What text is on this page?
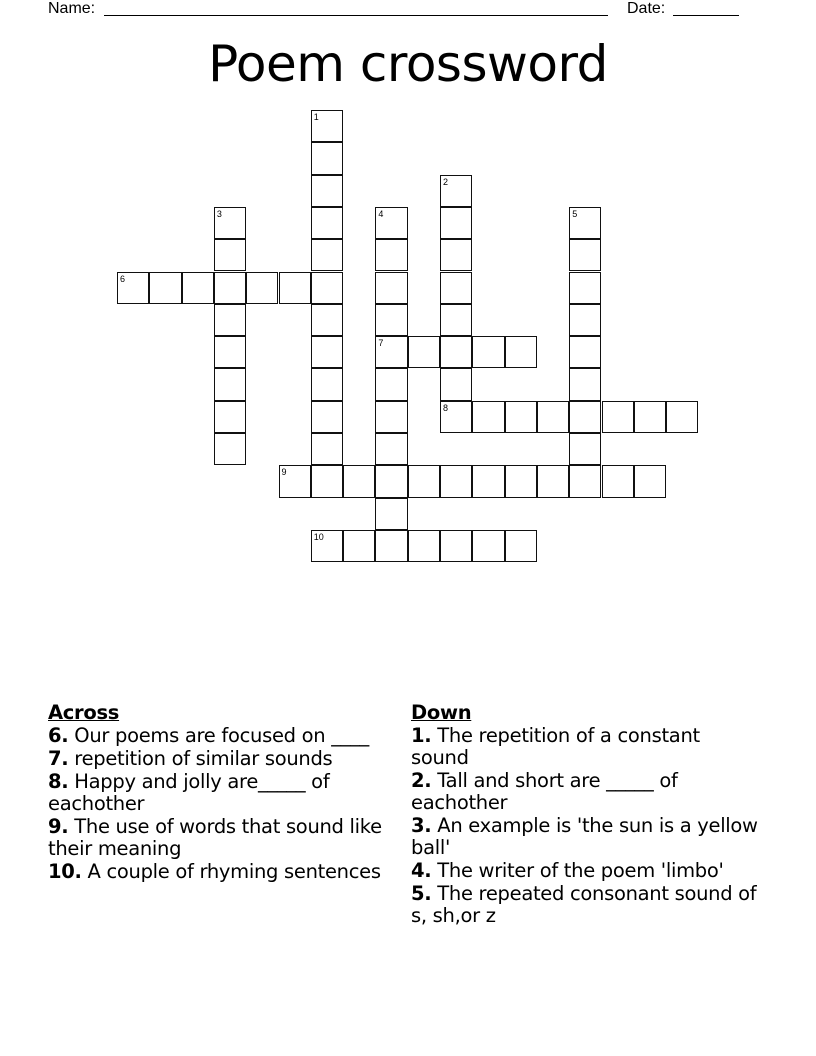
Name:	Date:
Poem crossword
1
2
3	4
7
5
6
8
9
10
Across
6. Our poems are focused on ____
7. repetition of similar sounds
8. Happy and jolly are_____ of eachother
9. The use of words that sound like their meaning
10. A couple of rhyming sentences
Down
1. The repetition of a constant sound
2. Tall and short are _____ of eachother
3. An example is 'the sun is a yellow ball'
4. The writer of the poem 'limbo'
5. The repeated consonant sound of s, sh,or z
